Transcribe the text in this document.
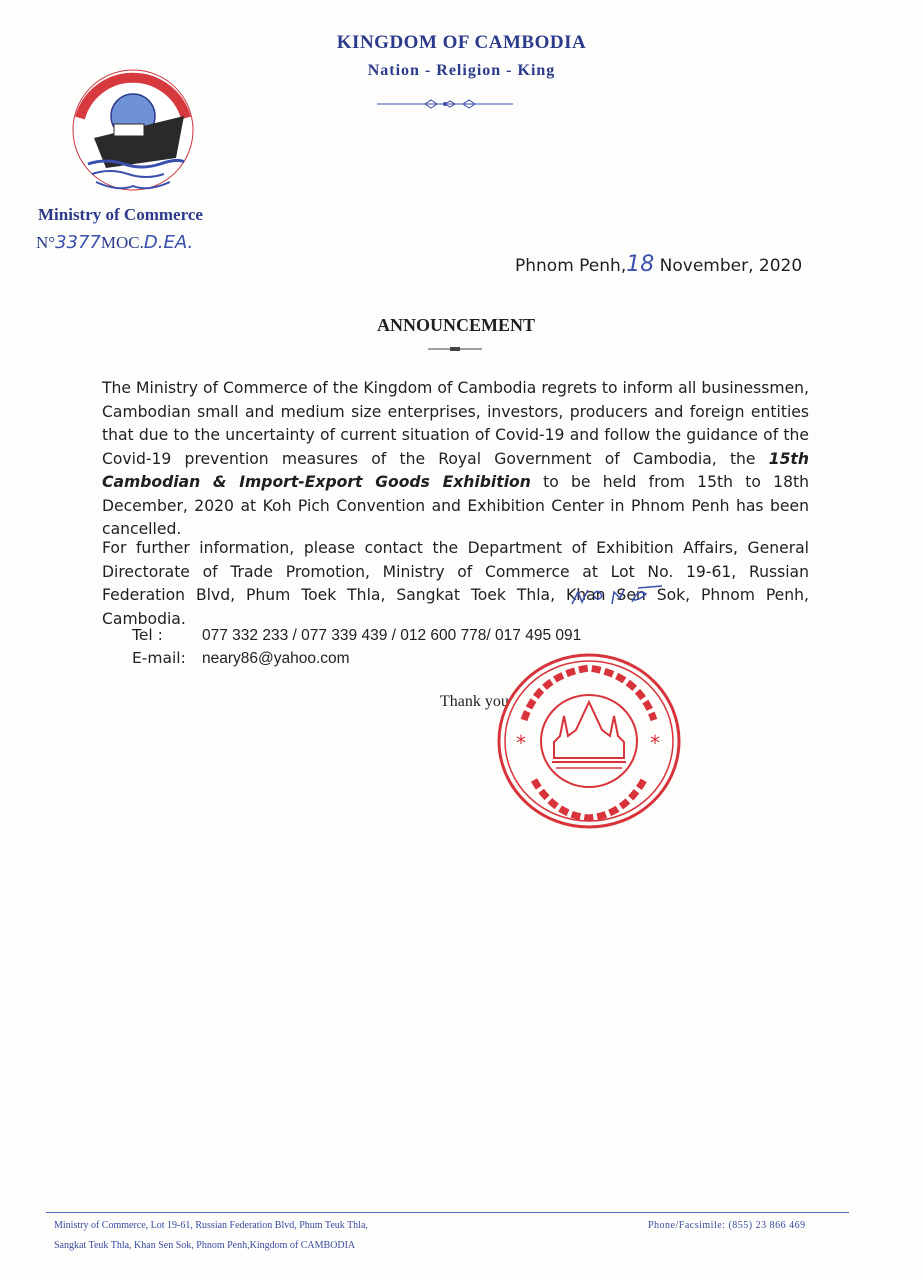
KINGDOM OF CAMBODIA
Nation - Religion - King
Ministry of Commerce
N°3377MOC.D.EA.
Phnom Penh,18 November, 2020
ANNOUNCEMENT
The Ministry of Commerce of the Kingdom of Cambodia regrets to inform all businessmen, Cambodian small and medium size enterprises, investors, producers and foreign entities that due to the uncertainty of current situation of Covid-19 and follow the guidance of the Covid-19 prevention measures of the Royal Government of Cambodia, the 15th Cambodian & Import-Export Goods Exhibition to be held from 15th to 18th December, 2020 at Koh Pich Convention and Exhibition Center in Phnom Penh has been cancelled.
For further information, please contact the Department of Exhibition Affairs, General Directorate of Trade Promotion, Ministry of Commerce at Lot No. 19-61, Russian Federation Blvd, Phum Toek Thla, Sangkat Toek Thla, Khan Sen Sok, Phnom Penh, Cambodia.
Tel :	077 332 233 / 077 339 439 / 012 600 778/ 017 495 091
E-mail: neary86@yahoo.com
Thank you
*	*
Ministry of Commerce, Lot 19-61, Russian Federation Blvd, Phum Teuk Thla,
Sangkat Teuk Thla, Khan Sen Sok, Phnom Penh,Kingdom of CAMBODIA
Phone/Facsimile: (855) 23 866 469
